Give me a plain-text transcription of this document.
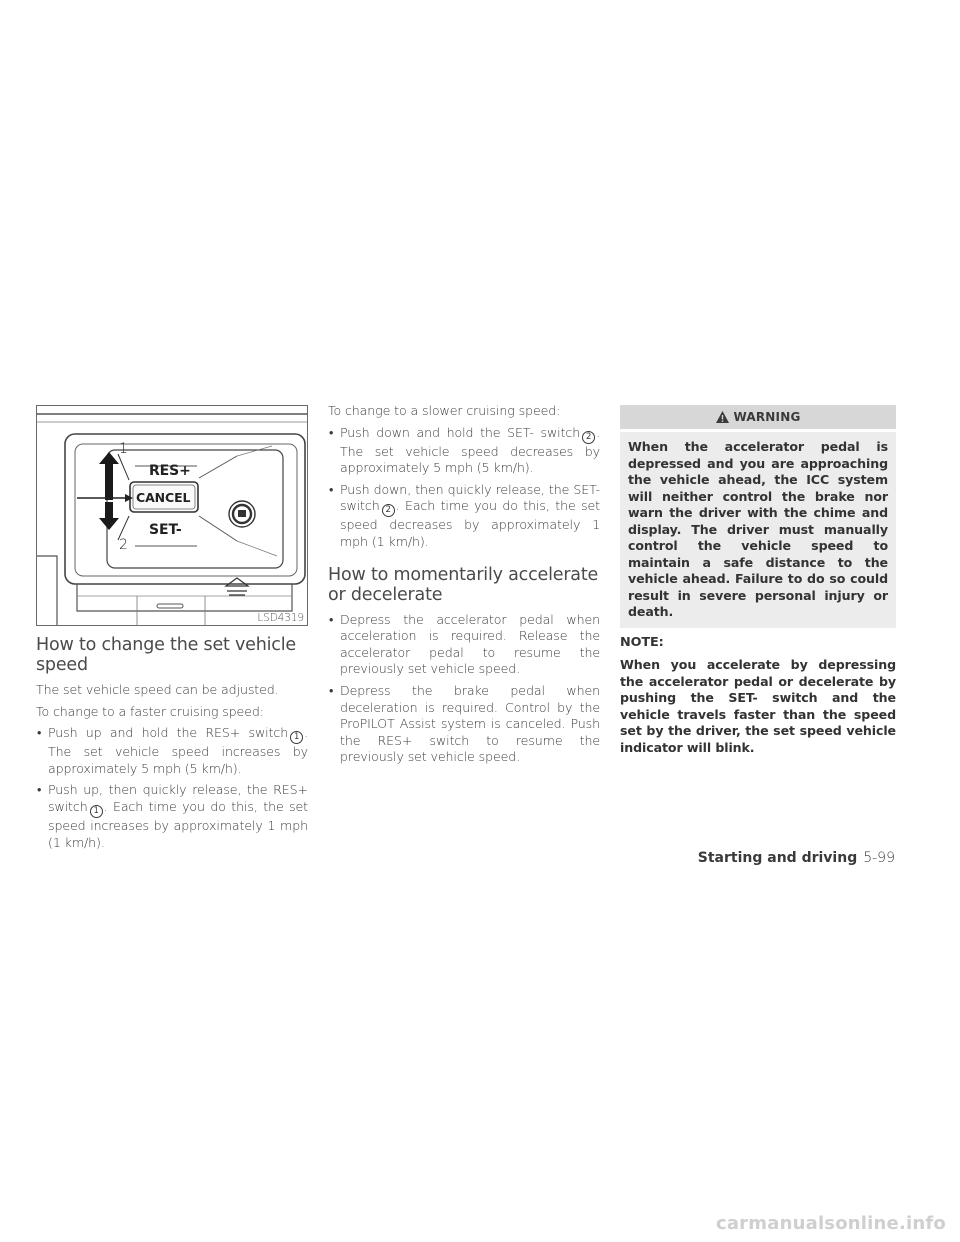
1
2
RES+
CANCEL
SET-
LSD4319
How to change the set vehicle speed

The set vehicle speed can be adjusted.

To change to a faster cruising speed:

• Push up and hold the RES+ switch 1 . The set vehicle speed increases by approximately 5 mph (5 km/h).
• Push up, then quickly release, the RES+ switch 1 . Each time you do this, the set speed increases by approximately 1 mph (1 km/h).

To change to a slower cruising speed:

• Push down and hold the SET- switch 2 . The set vehicle speed decreases by approximately 5 mph (5 km/h).
• Push down, then quickly release, the SET- switch 2 . Each time you do this, the set speed decreases by approximately 1 mph (1 km/h).
How to momentarily accelerate or decelerate
• Depress the accelerator pedal when acceleration is required. Release the accelerator pedal to resume the previously set vehicle speed.
• Depress the brake pedal when deceleration is required. Control by the ProPILOT Assist system is canceled. Push the RES+ switch to resume the previously set vehicle speed.
WARNING
When the accelerator pedal is depressed and you are approaching the vehicle ahead, the ICC system will neither control the brake nor warn the driver with the chime and display. The driver must manually control the vehicle speed to maintain a safe distance to the vehicle ahead. Failure to do so could result in severe personal injury or death.
NOTE:
When you accelerate by depressing the accelerator pedal or decelerate by pushing the SET- switch and the vehicle travels faster than the speed set by the driver, the set speed vehicle indicator will blink.
Starting and driving 5-99
carmanualsonline.info
